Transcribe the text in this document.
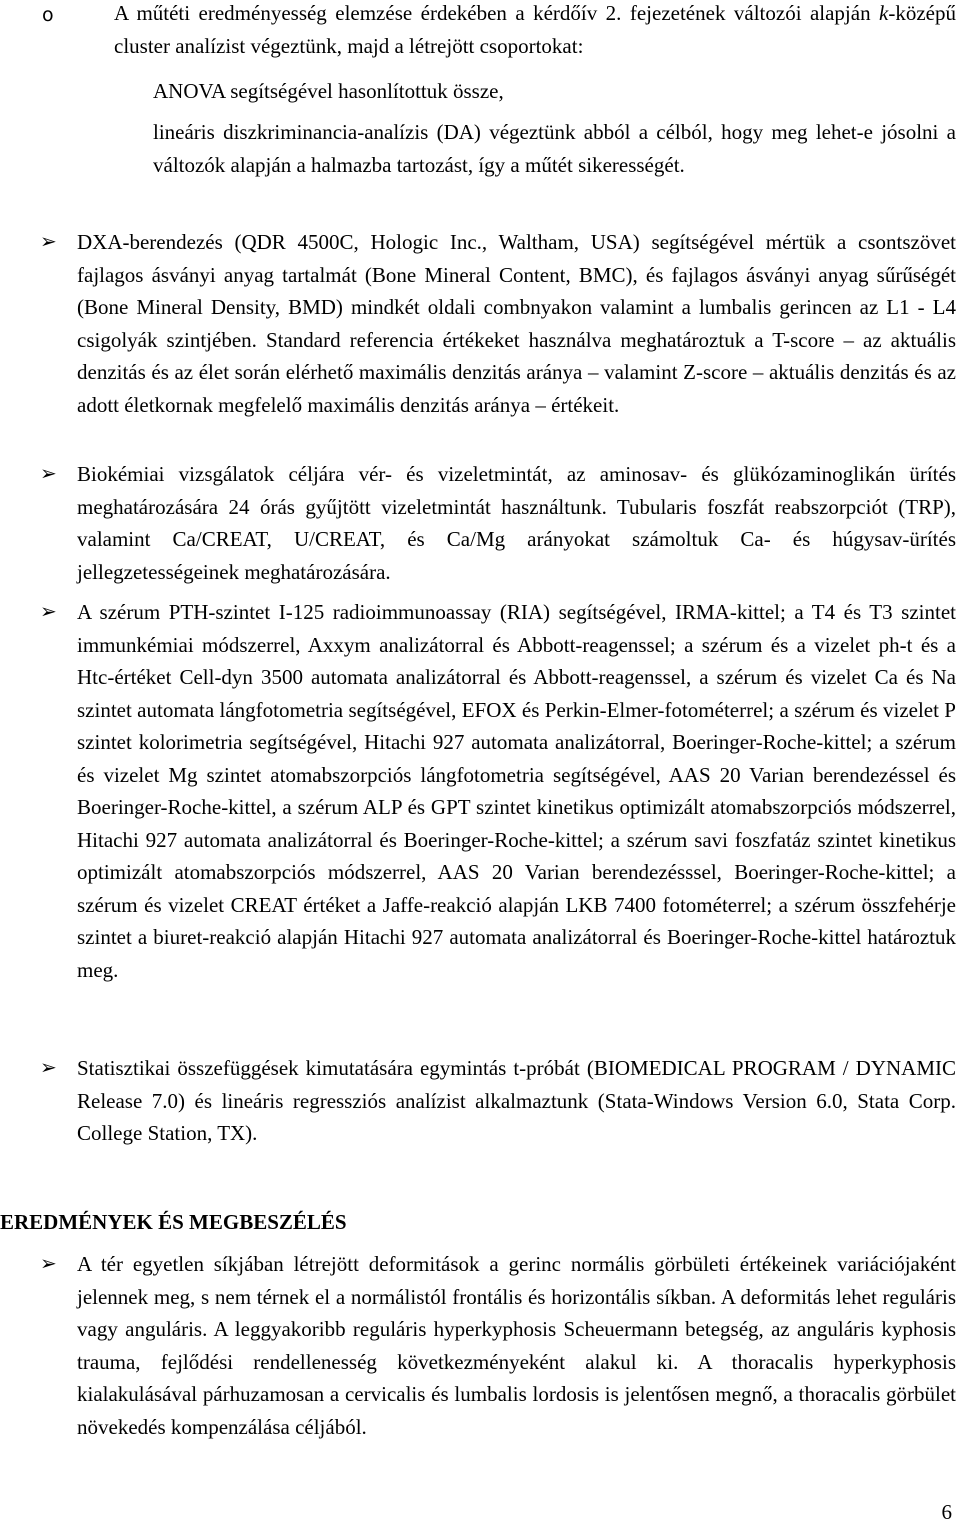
o	A műtéti eredményesség elemzése érdekében a kérdőív 2. fejezetének változói alapján k-középű cluster analízist végeztünk, majd a létrejött csoportokat:

ANOVA segítségével hasonlítottuk össze,
lineáris diszkriminancia-analízis (DA) végeztünk abból a célból, hogy meg lehet-e jósolni a változók alapján a halmazba tartozást, így a műtét sikerességét.
➢ DXA-berendezés (QDR 4500C, Hologic Inc., Waltham, USA) segítségével mértük a csontszövet fajlagos ásványi anyag tartalmát (Bone Mineral Content, BMC), és fajlagos ásványi anyag sűrűségét (Bone Mineral Density, BMD) mindkét oldali combnyakon valamint a lumbalis gerincen az L1 - L4 csigolyák szintjében. Standard referencia értékeket használva meghatároztuk a T-score – az aktuális denzitás és az élet során elérhető maximális denzitás aránya – valamint Z-score – aktuális denzitás és az adott életkornak megfelelő maximális denzitás aránya – értékeit.

➢ Biokémiai vizsgálatok céljára vér- és vizeletmintát, az aminosav- és glükózaminoglikán ürítés meghatározására 24 órás gyűjtött vizeletmintát használtunk. Tubularis foszfát reabszorpciót (TRP), valamint Ca/CREAT, U/CREAT, és Ca/Mg arányokat számoltuk Ca- és húgysav-ürítés jellegzetességeinek meghatározására.

➢ A szérum PTH-szintet I-125 radioimmunoassay (RIA) segítségével, IRMA-kittel; a T4 és T3 szintet immunkémiai módszerrel, Axxym analizátorral és Abbott-reagenssel; a szérum és a vizelet ph-t és a Htc-értéket Cell-dyn 3500 automata analizátorral és Abbott-reagenssel, a szérum és vizelet Ca és Na szintet automata lángfotometria segítségével, EFOX és Perkin-Elmer-fotométerrel; a szérum és vizelet P szintet kolorimetria segítségével, Hitachi 927 automata analizátorral, Boeringer-Roche-kittel; a szérum és vizelet Mg szintet atomabszorpciós lángfotometria segítségével, AAS 20 Varian berendezéssel és Boeringer-Roche-kittel, a szérum ALP és GPT szintet kinetikus optimizált atomabszorpciós módszerrel, Hitachi 927 automata analizátorral és Boeringer-Roche-kittel; a szérum savi foszfatáz szintet kinetikus optimizált atomabszorpciós módszerrel, AAS 20 Varian berendezésssel, Boeringer-Roche-kittel; a szérum és vizelet CREAT értéket a Jaffe-reakció alapján LKB 7400 fotométerrel; a szérum összfehérje szintet a biuret-reakció alapján Hitachi 927 automata analizátorral és Boeringer-Roche-kittel határoztuk meg.

➢ Statisztikai összefüggések kimutatására egymintás t-próbát (BIOMEDICAL PROGRAM / DYNAMIC Release 7.0) és lineáris regressziós analízist alkalmaztunk (Stata-Windows Version 6.0, Stata Corp. College Station, TX).

EREDMÉNYEK ÉS MEGBESZÉLÉS
➢ A tér egyetlen síkjában létrejött deformitások a gerinc normális görbületi értékeinek variációjaként jelennek meg, s nem térnek el a normálistól frontális és horizontális síkban. A deformitás lehet reguláris vagy anguláris. A leggyakoribb reguláris hyperkyphosis Scheuermann betegség, az anguláris kyphosis trauma, fejlődési rendellenesség következményeként alakul ki. A thoracalis hyperkyphosis kialakulásával párhuzamosan a cervicalis és lumbalis lordosis is jelentősen megnő, a thoracalis görbület növekedés kompenzálása céljából.

6
